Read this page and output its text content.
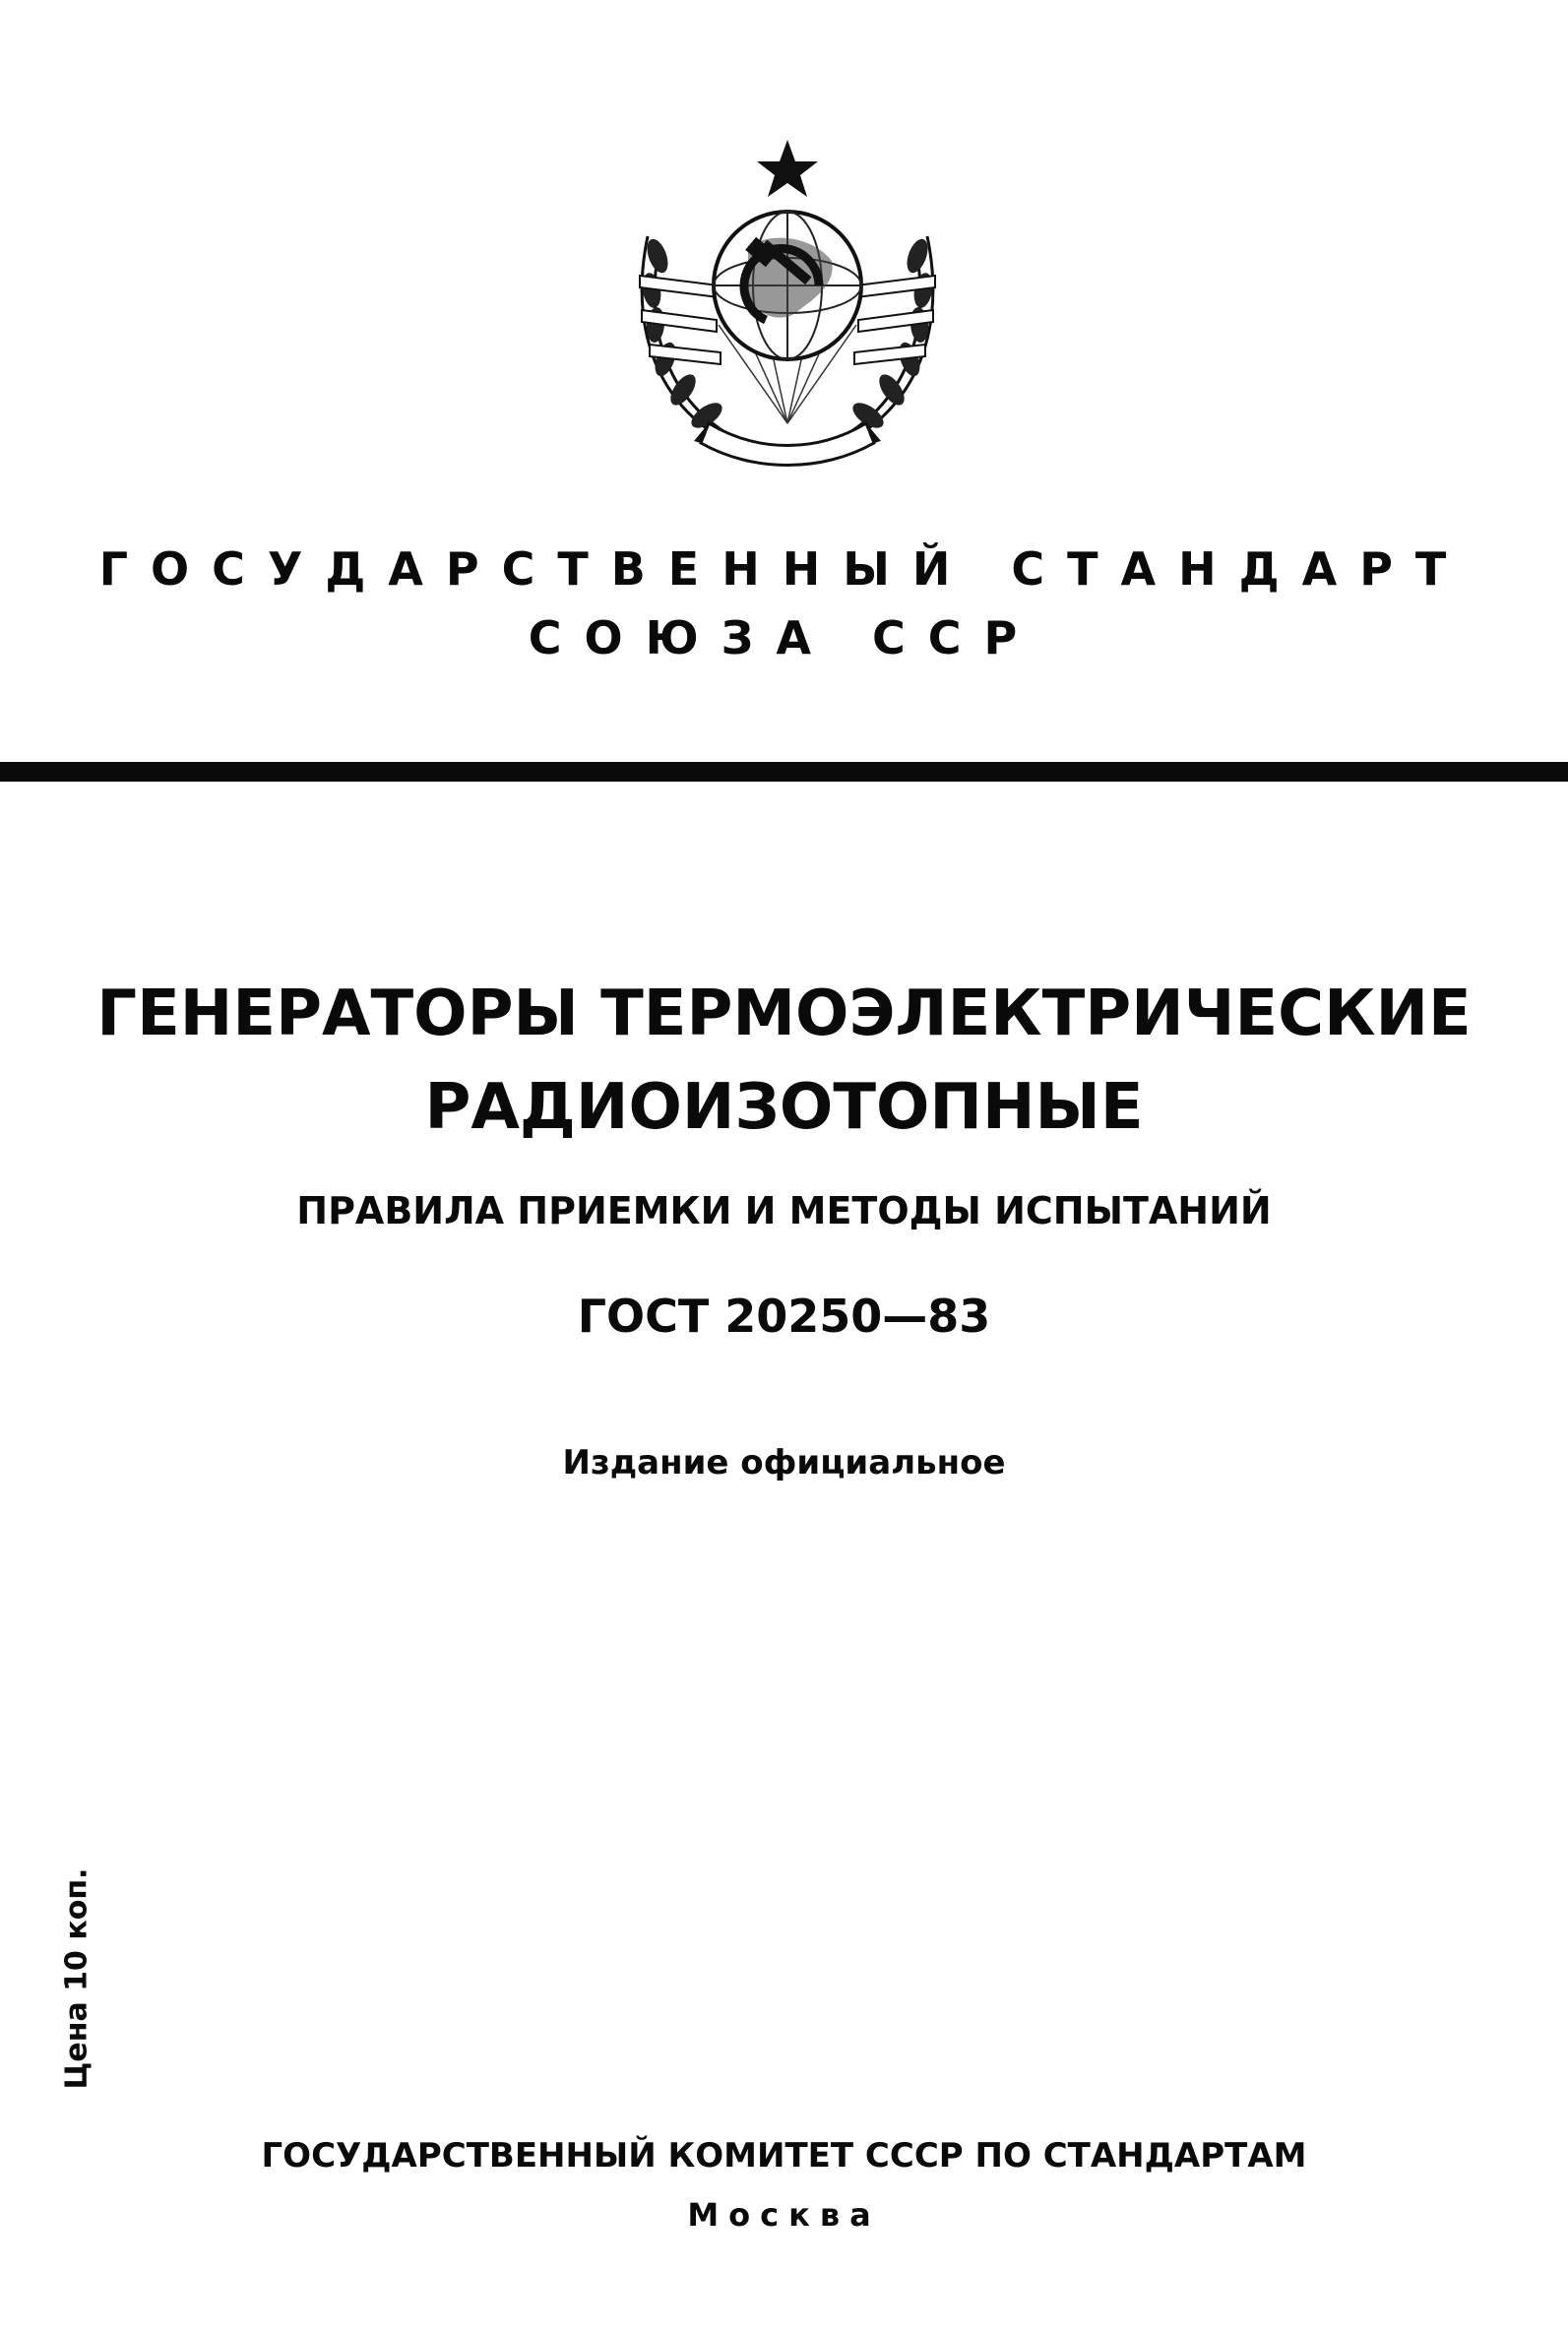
ГОСУДАРСТВЕННЫЙ СТАНДАРТ
СОЮЗА ССР
ГЕНЕРАТОРЫ ТЕРМОЭЛЕКТРИЧЕСКИЕ
РАДИОИЗОТОПНЫЕ
ПРАВИЛА ПРИЕМКИ И МЕТОДЫ ИСПЫТАНИЙ
ГОСТ 20250—83
Издание официальное
Цена 10 коп.
ГОСУДАРСТВЕННЫЙ КОМИТЕТ СССР ПО СТАНДАРТАМ
Москва
